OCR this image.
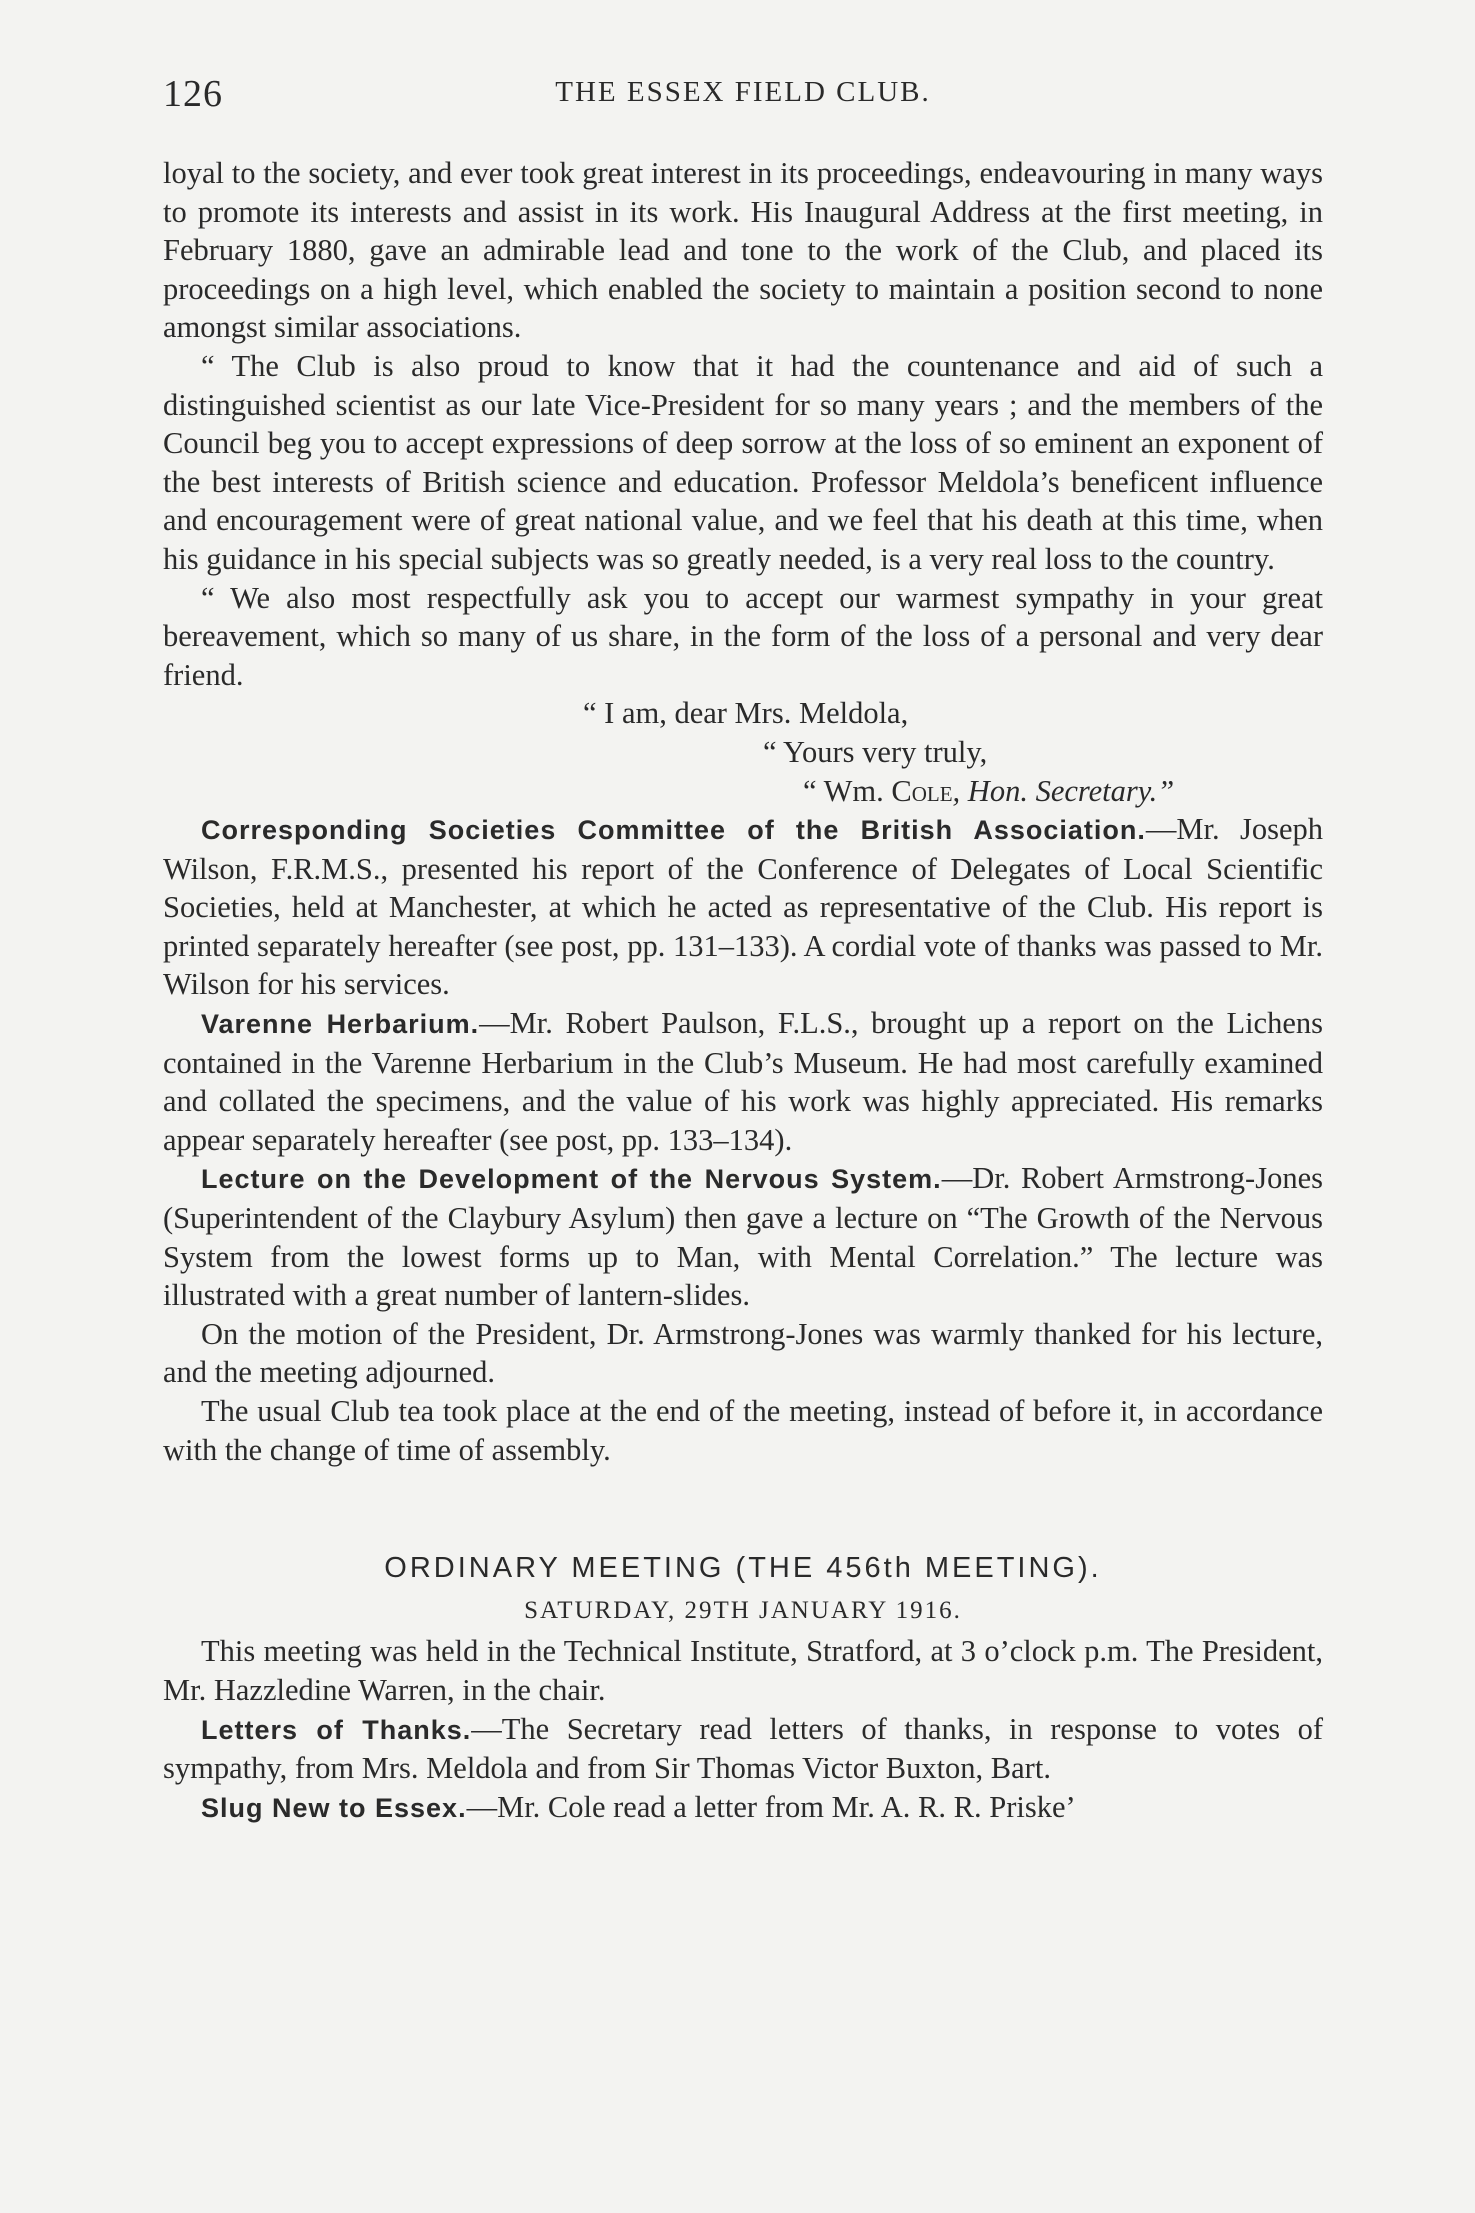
126	THE ESSEX FIELD CLUB.

loyal to the society, and ever took great interest in its proceedings, endeavouring in many ways to promote its interests and assist in its work. His Inaugural Address at the first meeting, in February 1880, gave an admirable lead and tone to the work of the Club, and placed its proceedings on a high level, which enabled the society to maintain a position second to none amongst similar associations.

“ The Club is also proud to know that it had the countenance and aid of such a distinguished scientist as our late Vice-President for so many years ; and the members of the Council beg you to accept expressions of deep sorrow at the loss of so eminent an exponent of the best interests of British science and education. Professor Meldola’s beneficent influence and encouragement were of great national value, and we feel that his death at this time, when his guidance in his special subjects was so greatly needed, is a very real loss to the country.

“ We also most respectfully ask you to accept our warmest sympathy in your great bereavement, which so many of us share, in the form of the loss of a personal and very dear friend.

“ I am, dear Mrs. Meldola,

“ Yours very truly,

“ Wm. Cole, Hon. Secretary.”

Corresponding Societies Committee of the British Association.—Mr. Joseph Wilson, F.R.M.S., presented his report of the Conference of Delegates of Local Scientific Societies, held at Manchester, at which he acted as representative of the Club. His report is printed separately hereafter (see post, pp. 131–133). A cordial vote of thanks was passed to Mr. Wilson for his services.

Varenne Herbarium.—Mr. Robert Paulson, F.L.S., brought up a report on the Lichens contained in the Varenne Herbarium in the Club’s Museum. He had most carefully examined and collated the specimens, and the value of his work was highly appreciated. His remarks appear separately hereafter (see post, pp. 133–134).

Lecture on the Development of the Nervous System.—Dr. Robert Armstrong-Jones (Superintendent of the Claybury Asylum) then gave a lecture on “The Growth of the Nervous System from the lowest forms up to Man, with Mental Correlation.” The lecture was illustrated with a great number of lantern-slides.

On the motion of the President, Dr. Armstrong-Jones was warmly thanked for his lecture, and the meeting adjourned.

The usual Club tea took place at the end of the meeting, instead of before it, in accordance with the change of time of assembly.

ORDINARY MEETING (THE 456th MEETING).

SATURDAY, 29TH JANUARY 1916.

This meeting was held in the Technical Institute, Stratford, at 3 o’clock p.m. The President, Mr. Hazzledine Warren, in the chair.

Letters of Thanks.—The Secretary read letters of thanks, in response to votes of sympathy, from Mrs. Meldola and from Sir Thomas Victor Buxton, Bart.

Slug New to Essex.—Mr. Cole read a letter from Mr. A. R. R. Priske’
